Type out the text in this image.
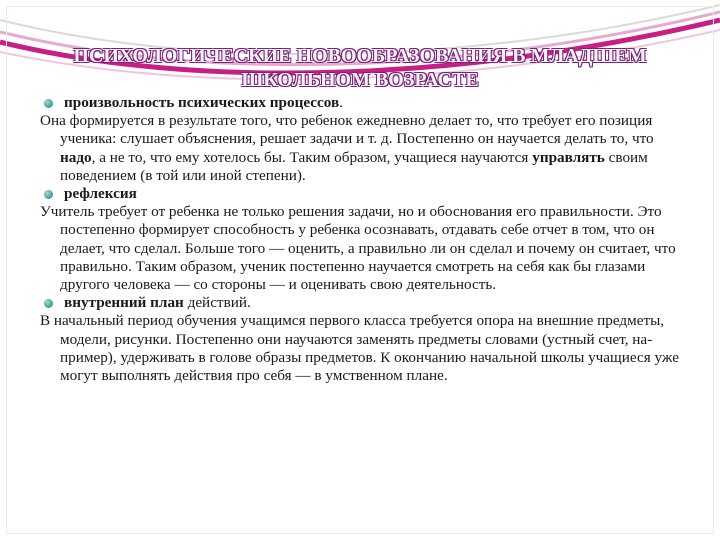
ПСИХОЛОГИЧЕСКИЕ НОВООБРАЗОВАНИЯ В МЛАДШЕМ ШКОЛЬНОМ ВОЗРАСТЕ
произвольность психических процессов.
Она формируется в результате того, что ребенок ежедневно делает то, что требует его позиция ученика: слушает объяснения, решает задачи и т. д. Постепенно он научается делать то, что надо, а не то, что ему хотелось бы. Таким образом, учащиеся научаются управлять своим поведением (в той или иной степени).
рефлексия
Учитель требует от ребенка не только решения задачи, но и обоснования его правильности. Это постепенно формирует способность у ребенка осознавать, отдавать себе отчет в том, что он делает, что сделал. Больше того — оценить, а правильно ли он сделал и почему он считает, что правильно. Таким образом, ученик постепенно научается смотреть на себя как бы глазами другого человека — со стороны — и оценивать свою деятельность.
внутренний план действий.
В начальный период обучения учащимся первого класса требуется опора на внешние предметы, модели, рисунки. Постепенно они научаются заменять предметы словами (устный счет, на-пример), удерживать в голове образы предметов. К окончанию начальной школы учащиеся уже могут выполнять действия про себя — в умственном плане.
